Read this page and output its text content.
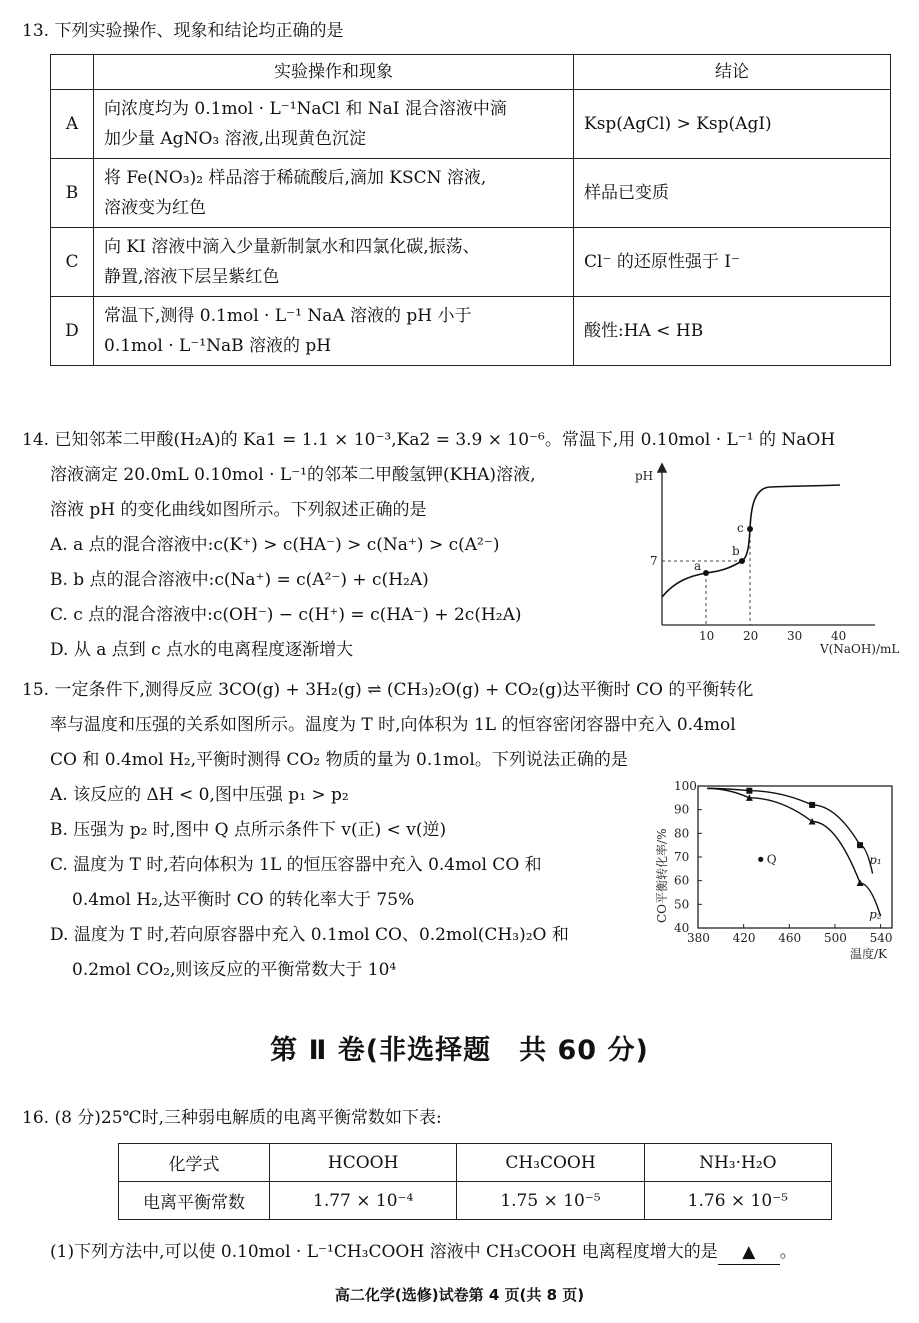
13. 下列实验操作、现象和结论均正确的是
	实验操作和现象	结论
A	向浓度均为 0.1mol · L⁻¹NaCl 和 NaI 混合溶液中滴
加少量 AgNO₃ 溶液,出现黄色沉淀	Ksp(AgCl) > Ksp(AgI)
B	将 Fe(NO₃)₂ 样品溶于稀硫酸后,滴加 KSCN 溶液,
溶液变为红色	样品已变质
C	向 KI 溶液中滴入少量新制氯水和四氯化碳,振荡、
静置,溶液下层呈紫红色	Cl⁻ 的还原性强于 I⁻
D	常温下,测得 0.1mol · L⁻¹ NaA 溶液的 pH 小于
0.1mol · L⁻¹NaB 溶液的 pH	酸性:HA < HB
14. 已知邻苯二甲酸(H₂A)的 Ka1 = 1.1 × 10⁻³,Ka2 = 3.9 × 10⁻⁶。常温下,用 0.10mol · L⁻¹ 的 NaOH
溶液滴定 20.0mL 0.10mol · L⁻¹的邻苯二甲酸氢钾(KHA)溶液,
溶液 pH 的变化曲线如图所示。下列叙述正确的是
A. a 点的混合溶液中:c(K⁺) > c(HA⁻) > c(Na⁺) > c(A²⁻)
B. b 点的混合溶液中:c(Na⁺) = c(A²⁻) + c(H₂A)
C. c 点的混合溶液中:c(OH⁻) − c(H⁺) = c(HA⁻) + 2c(H₂A)
D. 从 a 点到 c 点水的电离程度逐渐增大
pH
V(NaOH)/mL
10 20 30 40
7	a
b
c
15. 一定条件下,测得反应 3CO(g) + 3H₂(g) ⇌ (CH₃)₂O(g) + CO₂(g)达平衡时 CO 的平衡转化
率与温度和压强的关系如图所示。温度为 T 时,向体积为 1L 的恒容密闭容器中充入 0.4mol
CO 和 0.4mol H₂,平衡时测得 CO₂ 物质的量为 0.1mol。下列说法正确的是
A. 该反应的 ΔH < 0,图中压强 p₁ > p₂
B. 压强为 p₂ 时,图中 Q 点所示条件下 v(正) < v(逆)
C. 温度为 T 时,若向体积为 1L 的恒压容器中充入 0.4mol CO 和
0.4mol H₂,达平衡时 CO 的转化率大于 75%
D. 温度为 T 时,若向原容器中充入 0.1mol CO、0.2mol(CH₃)₂O 和
0.2mol CO₂,则该反应的平衡常数大于 10⁴
CO平衡转化率/%
温度/K
40
50
60
70
80
90
100
380 420 460 500 540
Q	p₁
p₂
第 Ⅱ 卷(非选择题　共 60 分)
16. (8 分)25℃时,三种弱电解质的电离平衡常数如下表:
化学式	HCOOH	CH₃COOH	NH₃·H₂O
电离平衡常数	1.77 × 10⁻⁴	1.75 × 10⁻⁵	1.76 × 10⁻⁵
(1)下列方法中,可以使 0.10mol · L⁻¹CH₃COOH 溶液中 CH₃COOH 电离程度增大的是 ▲ 。
高二化学(选修)试卷第 4 页(共 8 页)
